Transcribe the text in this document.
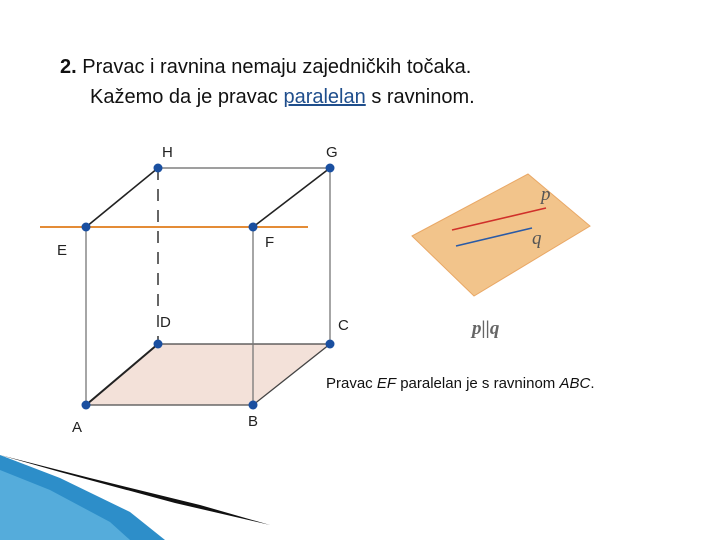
2. Pravac i ravnina nemaju zajedničkih točaka.
Kažemo da je pravac paralelan s ravninom.
A	B
C
D
E	F
G
H
p
q
p||q
Pravac EF paralelan je s ravninom ABC.
